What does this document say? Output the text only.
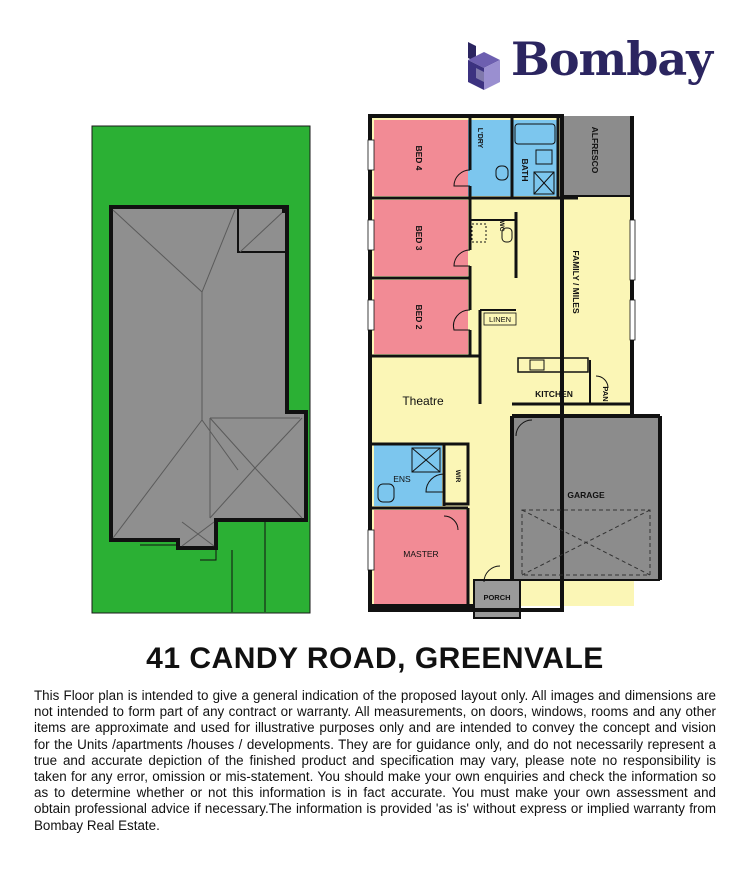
Bombay
BED 4
BED 3
BED 2
L'DRY
BATH
WC
ALFRESCO
FAMILY / MILES
KITCHEN	PAN
ENS	WIR
GARAGE
MASTER
PORCH
LINEN
Theatre
41 CANDY ROAD, GREENVALE
This Floor plan is intended to give a general indication of the proposed layout only. All images and dimensions are not intended to form part of any contract or warranty. All measurements, on doors, windows, rooms and any other items are approximate and used for illustrative purposes only and are intended to convey the concept and vision for the Units /apartments /houses / developments. They are for guidance only, and do not necessarily represent a true and accurate depiction of the finished product and specification may vary, please note no responsibility is taken for any error, omission or mis-statement. You should make your own enquiries and check the information so as to determine whether or not this information is in fact accurate. You must make your own assessment and obtain professional advice if necessary.The information is provided 'as is' without express or implied warranty from Bombay Real Estate.
